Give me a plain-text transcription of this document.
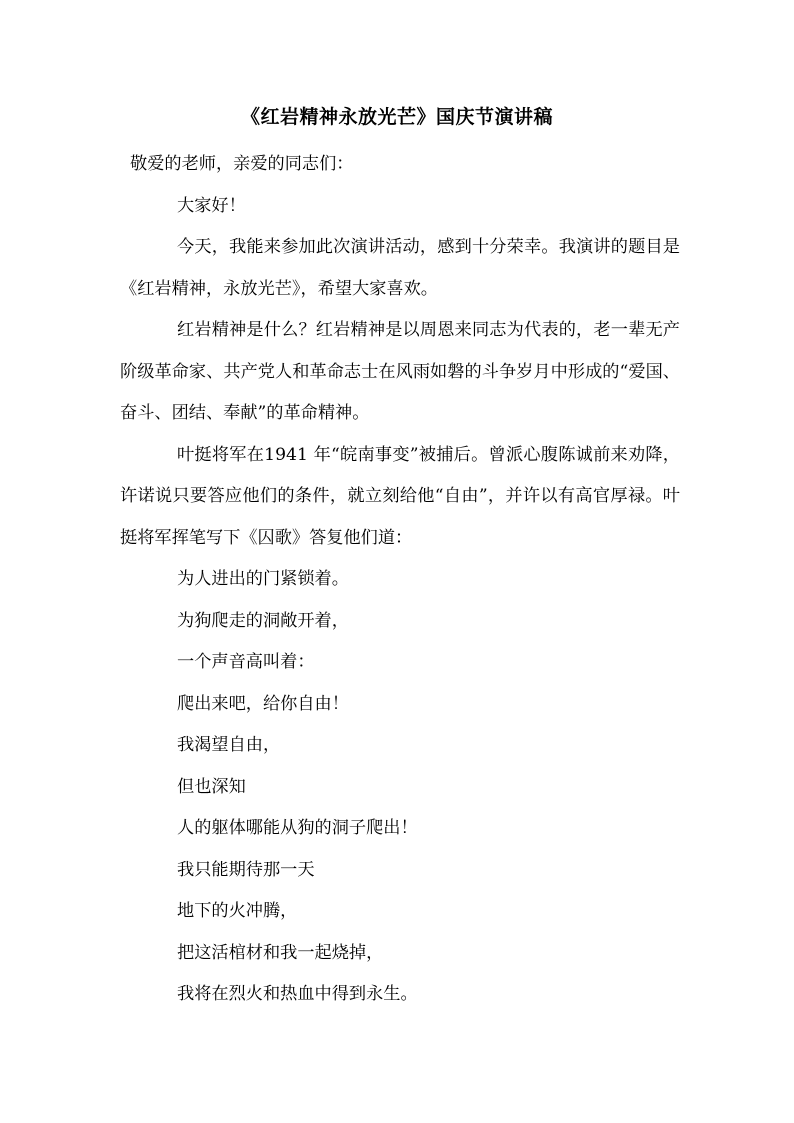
《红岩精神永放光芒》国庆节演讲稿

敬爱的老师，亲爱的同志们：

大家好！

今天，我能来参加此次演讲活动，感到十分荣幸。我演讲的题目是《红岩精神，永放光芒》，希望大家喜欢。

红岩精神是什么？红岩精神是以周恩来同志为代表的，老一辈无产阶级革命家、共产党人和革命志士在风雨如磐的斗争岁月中形成的“爱国、奋斗、团结、奉献”的革命精神。

叶挺将军在1941 年“皖南事变”被捕后。曾派心腹陈诚前来劝降，许诺说只要答应他们的条件，就立刻给他“自由”，并许以有高官厚禄。叶挺将军挥笔写下《囚歌》答复他们道：

为人进出的门紧锁着。

为狗爬走的洞敞开着，

一个声音高叫着：

爬出来吧，给你自由！

我渴望自由，

但也深知

人的躯体哪能从狗的洞子爬出！

我只能期待那一天

地下的火冲腾，

把这活棺材和我一起烧掉，

我将在烈火和热血中得到永生。
